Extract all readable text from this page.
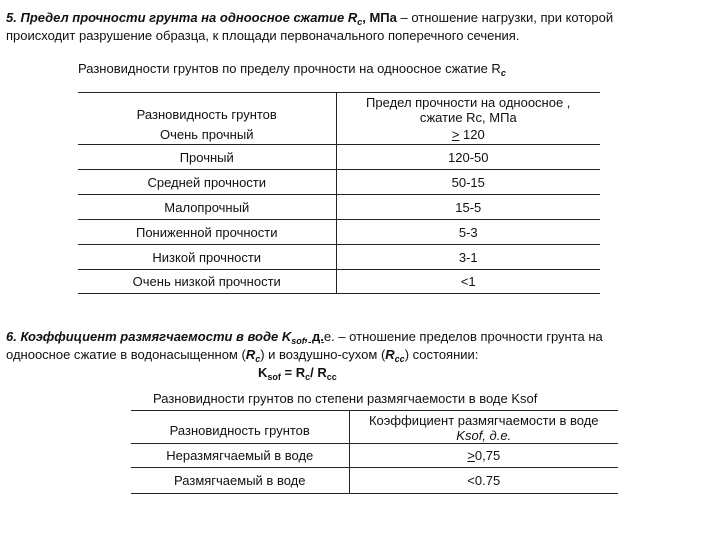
5. Предел прочности грунта на одноосное сжатие $R_с$, МПа – отношение нагрузки, при которой
происходит разрушение образца, к площади первоначального поперечного сечения.
Разновидности грунтов по пределу прочности на одноосное сжатие $R_с$
Разновидность грунтов	Предел прочности на одноосное ,
сжатие Rс, МПа

Очень прочный	> 120
Прочный	120-50
Средней прочности	50-15
Малопрочный	15-5
Пониженной прочности	5-3
Низкой прочности	3-1
Очень низкой прочности	<1
6. Коэффициент размягчаемости в воде $K_{sof}$, д.е. – отношение пределов прочности грунта на
одноосное сжатие в водонасыщенном $(R_c)$ и воздушно-сухом $(R_{сс})$ состоянии:
$K_{sof} = R_c/$ $R_{сс}$
Разновидности грунтов по степени размягчаемости в воде Ksof
Разновидность грунтов	Коэффициент размягчаемости в воде
Ksof, д.е.

Неразмягчаемый в воде	>0,75
Размягчаемый в воде	<0.75
